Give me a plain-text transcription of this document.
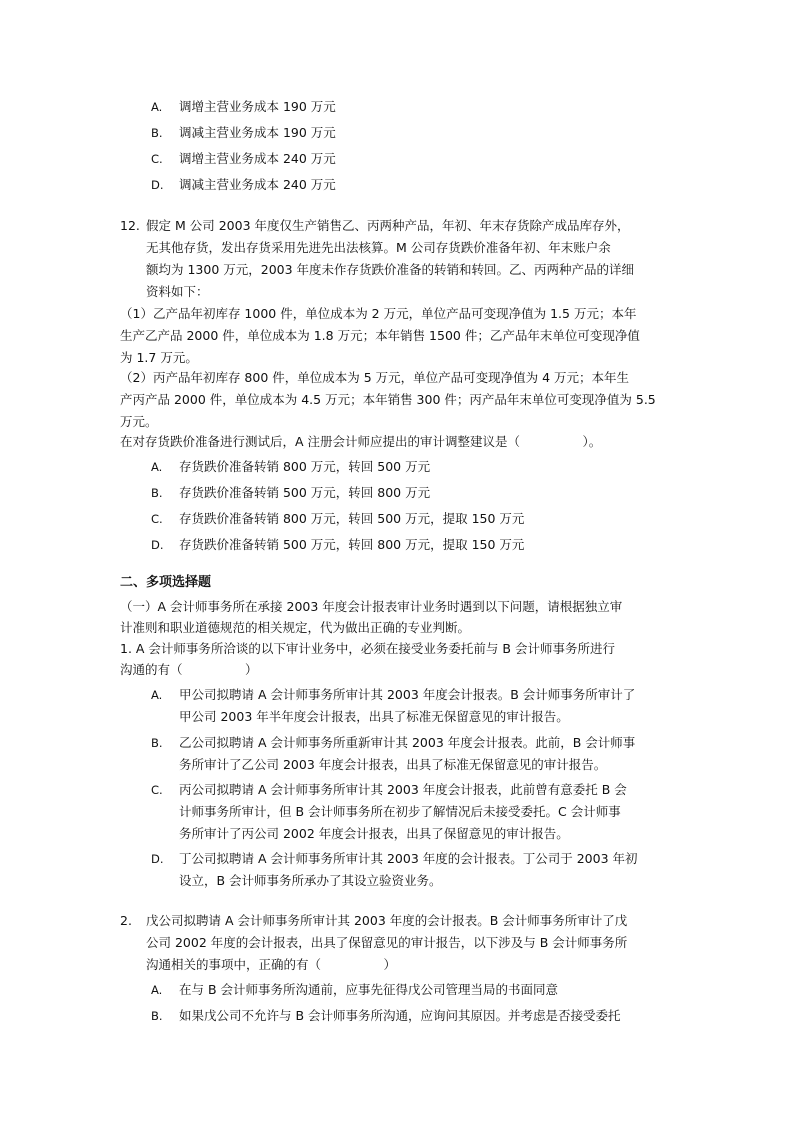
A. 调增主营业务成本 190 万元
B. 调减主营业务成本 190 万元
C. 调增主营业务成本 240 万元
D. 调减主营业务成本 240 万元
12. 假定 M 公司 2003 年度仅生产销售乙、丙两种产品，年初、年末存货除产成品库存外，
无其他存货，发出存货采用先进先出法核算。M 公司存货跌价准备年初、年末账户余
额均为 1300 万元，2003 年度未作存货跌价准备的转销和转回。乙、丙两种产品的详细
资料如下：
（1）乙产品年初库存 1000 件，单位成本为 2 万元，单位产品可变现净值为 1.5 万元；本年
生产乙产品 2000 件，单位成本为 1.8 万元；本年销售 1500 件；乙产品年末单位可变现净值
为 1.7 万元。
（2）丙产品年初库存 800 件，单位成本为 5 万元，单位产品可变现净值为 4 万元；本年生
产丙产品 2000 件，单位成本为 4.5 万元；本年销售 300 件；丙产品年末单位可变现净值为 5.5
万元。
在对存货跌价准备进行测试后，A 注册会计师应提出的审计调整建议是（　　　　　）。
A. 存货跌价准备转销 800 万元，转回 500 万元
B. 存货跌价准备转销 500 万元，转回 800 万元
C. 存货跌价准备转销 800 万元，转回 500 万元，提取 150 万元
D. 存货跌价准备转销 500 万元，转回 800 万元，提取 150 万元
二、多项选择题
（一）A 会计师事务所在承接 2003 年度会计报表审计业务时遇到以下问题，请根据独立审
计准则和职业道德规范的相关规定，代为做出正确的专业判断。
1. A 会计师事务所洽谈的以下审计业务中，必须在接受业务委托前与 B 会计师事务所进行
沟通的有（　　　　　）
A. 甲公司拟聘请 A 会计师事务所审计其 2003 年度会计报表。B 会计师事务所审计了
甲公司 2003 年半年度会计报表，出具了标准无保留意见的审计报告。
B. 乙公司拟聘请 A 会计师事务所重新审计其 2003 年度会计报表。此前，B 会计师事
务所审计了乙公司 2003 年度会计报表，出具了标准无保留意见的审计报告。
C. 丙公司拟聘请 A 会计师事务所审计其 2003 年度会计报表，此前曾有意委托 B 会
计师事务所审计，但 B 会计师事务所在初步了解情况后未接受委托。C 会计师事
务所审计了丙公司 2002 年度会计报表，出具了保留意见的审计报告。
D. 丁公司拟聘请 A 会计师事务所审计其 2003 年度的会计报表。丁公司于 2003 年初
设立，B 会计师事务所承办了其设立验资业务。
2. 戊公司拟聘请 A 会计师事务所审计其 2003 年度的会计报表。B 会计师事务所审计了戊
公司 2002 年度的会计报表，出具了保留意见的审计报告，以下涉及与 B 会计师事务所
沟通相关的事项中，正确的有（　　　　　）
A. 在与 B 会计师事务所沟通前，应事先征得戊公司管理当局的书面同意
B. 如果戊公司不允许与 B 会计师事务所沟通，应询问其原因。并考虑是否接受委托
